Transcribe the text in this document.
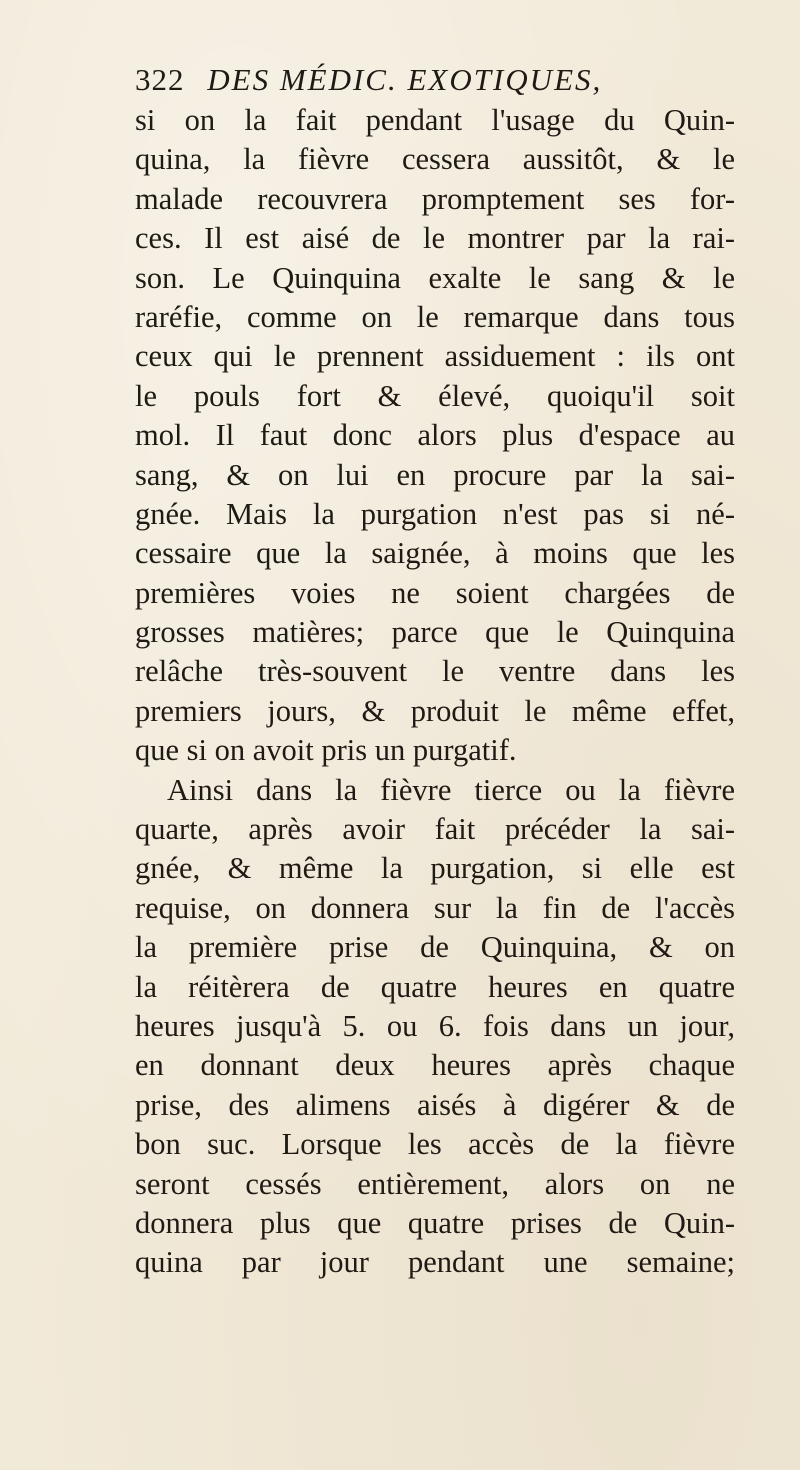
322 DES MÉDIC. EXOTIQUES,
si on la fait pendant l'usage du Quin-
quina, la fièvre cessera aussitôt, & le
malade recouvrera promptement ses for-
ces. Il est aisé de le montrer par la rai-
son. Le Quinquina exalte le sang & le
raréfie, comme on le remarque dans tous
ceux qui le prennent assiduement : ils ont
le pouls fort & élevé, quoiqu'il soit
mol. Il faut donc alors plus d'espace au
sang, & on lui en procure par la sai-
gnée. Mais la purgation n'est pas si né-
cessaire que la saignée, à moins que les
premières voies ne soient chargées de
grosses matières; parce que le Quinquina
relâche très-souvent le ventre dans les
premiers jours, & produit le même effet,
que si on avoit pris un purgatif.
Ainsi dans la fièvre tierce ou la fièvre
quarte, après avoir fait précéder la sai-
gnée, & même la purgation, si elle est
requise, on donnera sur la fin de l'accès
la première prise de Quinquina, & on
la réitèrera de quatre heures en quatre
heures jusqu'à 5. ou 6. fois dans un jour,
en donnant deux heures après chaque
prise, des alimens aisés à digérer & de
bon suc. Lorsque les accès de la fièvre
seront cessés entièrement, alors on ne
donnera plus que quatre prises de Quin-
quina par jour pendant une semaine;
